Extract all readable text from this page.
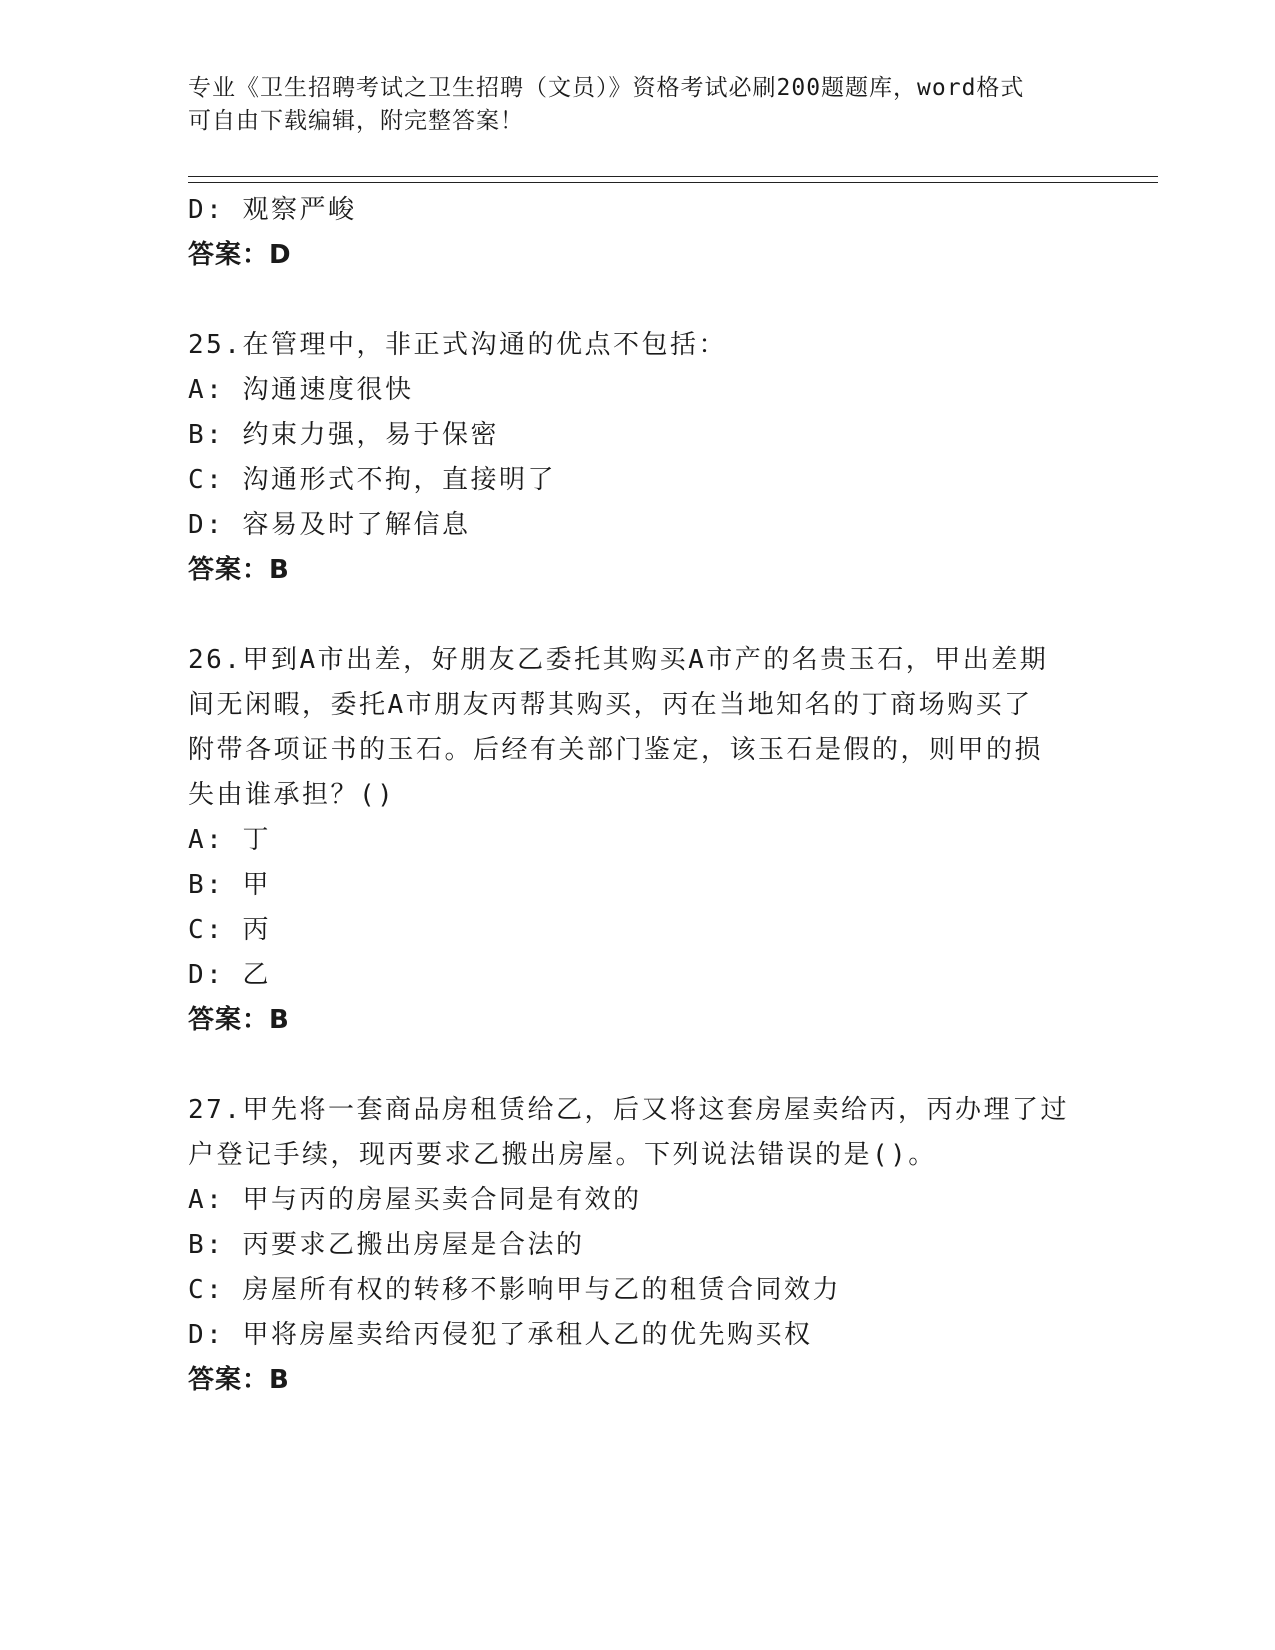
专业《卫生招聘考试之卫生招聘（文员）》资格考试必刷200题题库，word格式
可自由下载编辑，附完整答案！
D: 观察严峻
答案：D
25.在管理中，非正式沟通的优点不包括：
A: 沟通速度很快
B: 约束力强，易于保密
C: 沟通形式不拘，直接明了
D: 容易及时了解信息
答案：B
26.甲到A市出差，好朋友乙委托其购买A市产的名贵玉石，甲出差期
间无闲暇，委托A市朋友丙帮其购买，丙在当地知名的丁商场购买了
附带各项证书的玉石。后经有关部门鉴定，该玉石是假的，则甲的损
失由谁承担？()
A: 丁
B: 甲
C: 丙
D: 乙
答案：B
27.甲先将一套商品房租赁给乙，后又将这套房屋卖给丙，丙办理了过
户登记手续，现丙要求乙搬出房屋。下列说法错误的是()。
A: 甲与丙的房屋买卖合同是有效的
B: 丙要求乙搬出房屋是合法的
C: 房屋所有权的转移不影响甲与乙的租赁合同效力
D: 甲将房屋卖给丙侵犯了承租人乙的优先购买权
答案：B
